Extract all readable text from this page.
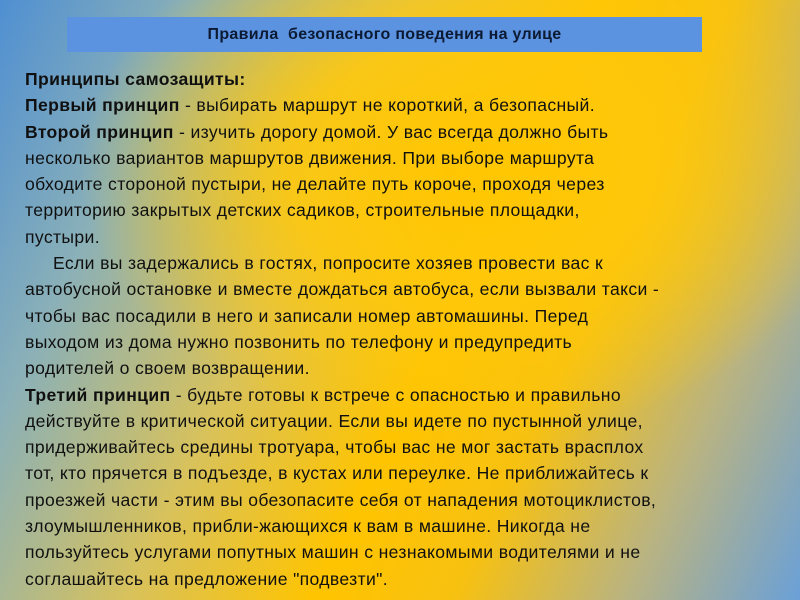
Правила  безопасного поведения на улице

Принципы самозащиты:

Первый принцип - выбирать маршрут не короткий, а безопасный.

Второй принцип - изучить дорогу домой. У вас всегда должно быть

несколько вариантов маршрутов движения. При выборе маршрута

обходите стороной пустыри, не делайте путь короче, проходя через

территорию закрытых детских садиков, строительные площадки,

пустыри.

Если вы задержались в гостях, попросите хозяев провести вас к

автобусной остановке и вместе дождаться автобуса, если вызвали такси -

чтобы вас посадили в него и записали номер автомашины. Перед

выходом из дома нужно позвонить по телефону и предупредить

родителей о своем возвращении.

Третий принцип - будьте готовы к встрече с опасностью и правильно

действуйте в критической ситуации. Если вы идете по пустынной улице,

придерживайтесь средины тротуара, чтобы вас не мог застать врасплох

тот, кто прячется в подъезде, в кустах или переулке. Не приближайтесь к

проезжей части - этим вы обезопасите себя от нападения мотоциклистов,

злоумышленников, прибли-жающихся к вам в машине. Никогда не

пользуйтесь услугами попутных машин с незнакомыми водителями и не

соглашайтесь на предложение "подвезти".
